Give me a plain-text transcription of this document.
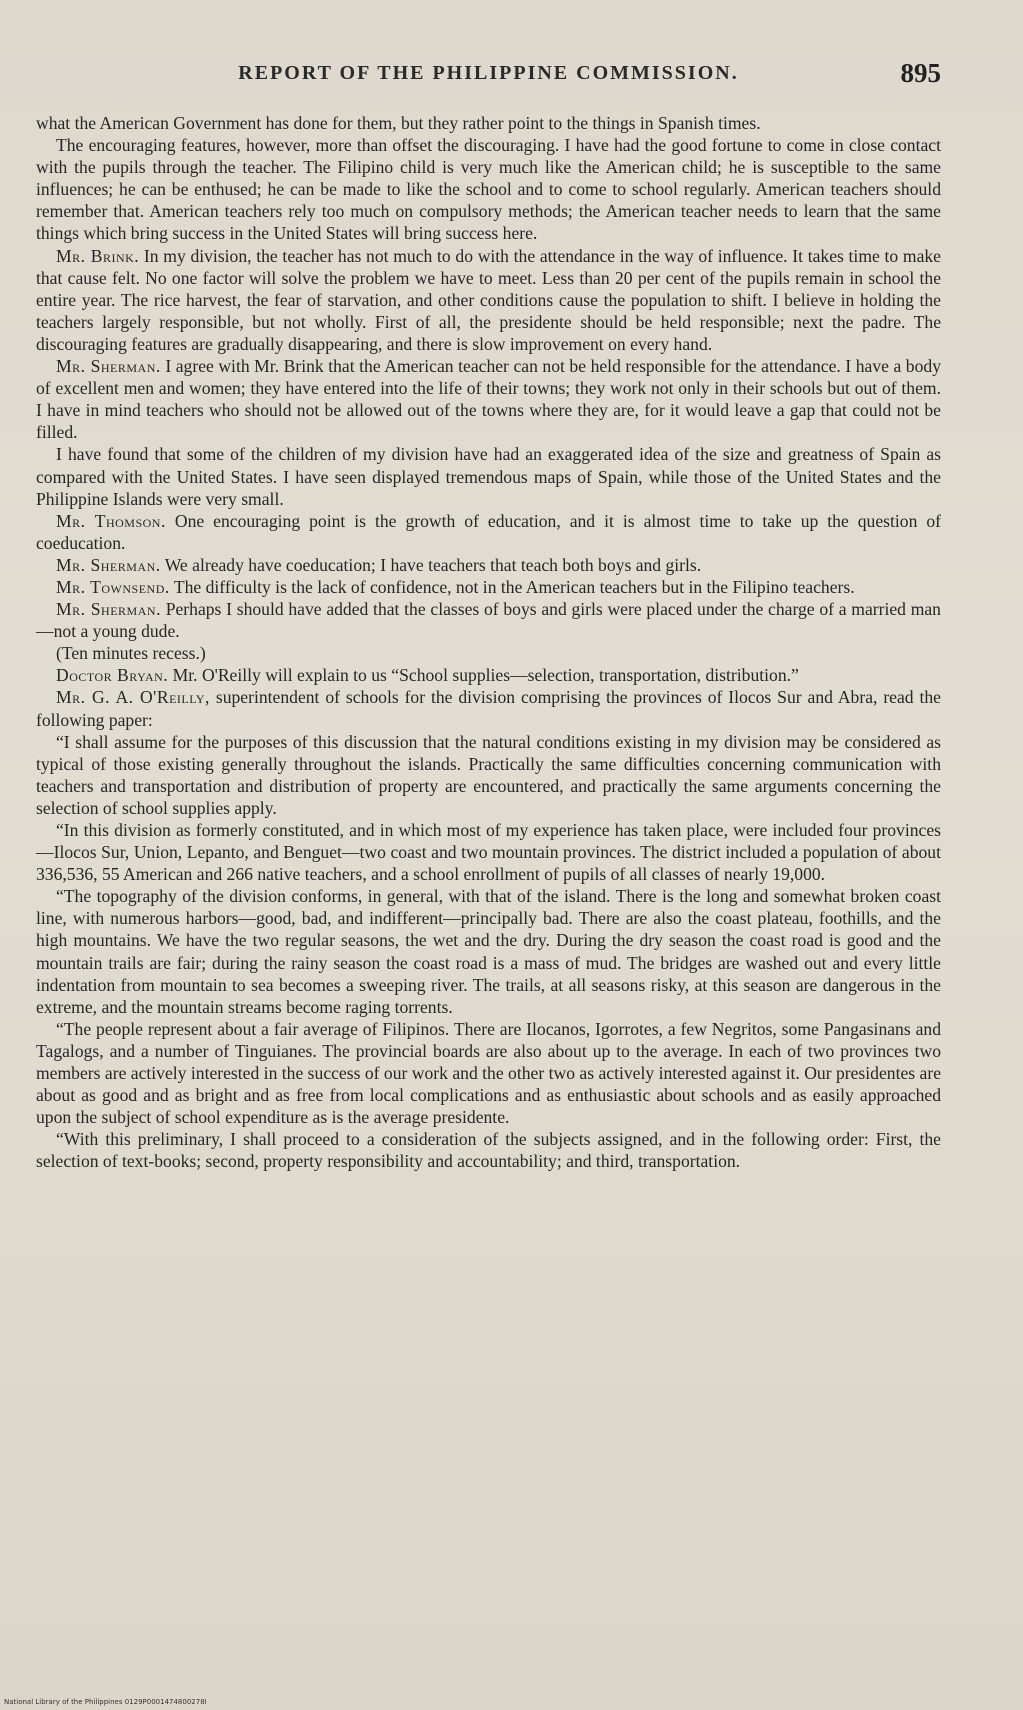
REPORT OF THE PHILIPPINE COMMISSION.	895

what the American Government has done for them, but they rather point to the things in Spanish times.

The encouraging features, however, more than offset the discouraging. I have had the good fortune to come in close contact with the pupils through the teacher. The Filipino child is very much like the American child; he is susceptible to the same influences; he can be enthused; he can be made to like the school and to come to school regularly. American teachers should remember that. American teachers rely too much on compulsory methods; the American teacher needs to learn that the same things which bring success in the United States will bring success here.

Mr. Brink. In my division, the teacher has not much to do with the attendance in the way of influence. It takes time to make that cause felt. No one factor will solve the problem we have to meet. Less than 20 per cent of the pupils remain in school the entire year. The rice harvest, the fear of starvation, and other conditions cause the population to shift. I believe in holding the teachers largely responsible, but not wholly. First of all, the presidente should be held responsible; next the padre. The discouraging features are gradually disappearing, and there is slow improvement on every hand.

Mr. Sherman. I agree with Mr. Brink that the American teacher can not be held responsible for the attendance. I have a body of excellent men and women; they have entered into the life of their towns; they work not only in their schools but out of them. I have in mind teachers who should not be allowed out of the towns where they are, for it would leave a gap that could not be filled.

I have found that some of the children of my division have had an exaggerated idea of the size and greatness of Spain as compared with the United States. I have seen displayed tremendous maps of Spain, while those of the United States and the Philippine Islands were very small.

Mr. Thomson. One encouraging point is the growth of education, and it is almost time to take up the question of coeducation.

Mr. Sherman. We already have coeducation; I have teachers that teach both boys and girls.

Mr. Townsend. The difficulty is the lack of confidence, not in the American teachers but in the Filipino teachers.

Mr. Sherman. Perhaps I should have added that the classes of boys and girls were placed under the charge of a married man—not a young dude.

(Ten minutes recess.)

Doctor Bryan. Mr. O'Reilly will explain to us “School supplies—selection, transportation, distribution.”

Mr. G. A. O'Reilly, superintendent of schools for the division comprising the provinces of Ilocos Sur and Abra, read the following paper:

“I shall assume for the purposes of this discussion that the natural conditions existing in my division may be considered as typical of those existing generally throughout the islands. Practically the same difficulties concerning communication with teachers and transportation and distribution of property are encountered, and practically the same arguments concerning the selection of school supplies apply.

“In this division as formerly constituted, and in which most of my experience has taken place, were included four provinces—Ilocos Sur, Union, Lepanto, and Benguet—two coast and two mountain provinces. The district included a population of about 336,536, 55 American and 266 native teachers, and a school enrollment of pupils of all classes of nearly 19,000.

“The topography of the division conforms, in general, with that of the island. There is the long and somewhat broken coast line, with numerous harbors—good, bad, and indifferent—principally bad. There are also the coast plateau, foothills, and the high mountains. We have the two regular seasons, the wet and the dry. During the dry season the coast road is good and the mountain trails are fair; during the rainy season the coast road is a mass of mud. The bridges are washed out and every little indentation from mountain to sea becomes a sweeping river. The trails, at all seasons risky, at this season are dangerous in the extreme, and the mountain streams become raging torrents.

“The people represent about a fair average of Filipinos. There are Ilocanos, Igorrotes, a few Negritos, some Pangasinans and Tagalogs, and a number of Tinguianes. The provincial boards are also about up to the average. In each of two provinces two members are actively interested in the success of our work and the other two as actively interested against it. Our presidentes are about as good and as bright and as free from local complications and as enthusiastic about schools and as easily approached upon the subject of school expenditure as is the average presidente.

“With this preliminary, I shall proceed to a consideration of the subjects assigned, and in the following order: First, the selection of text-books; second, property responsibility and accountability; and third, transportation.

National Library of the Philippines 0129P0001474800278I
